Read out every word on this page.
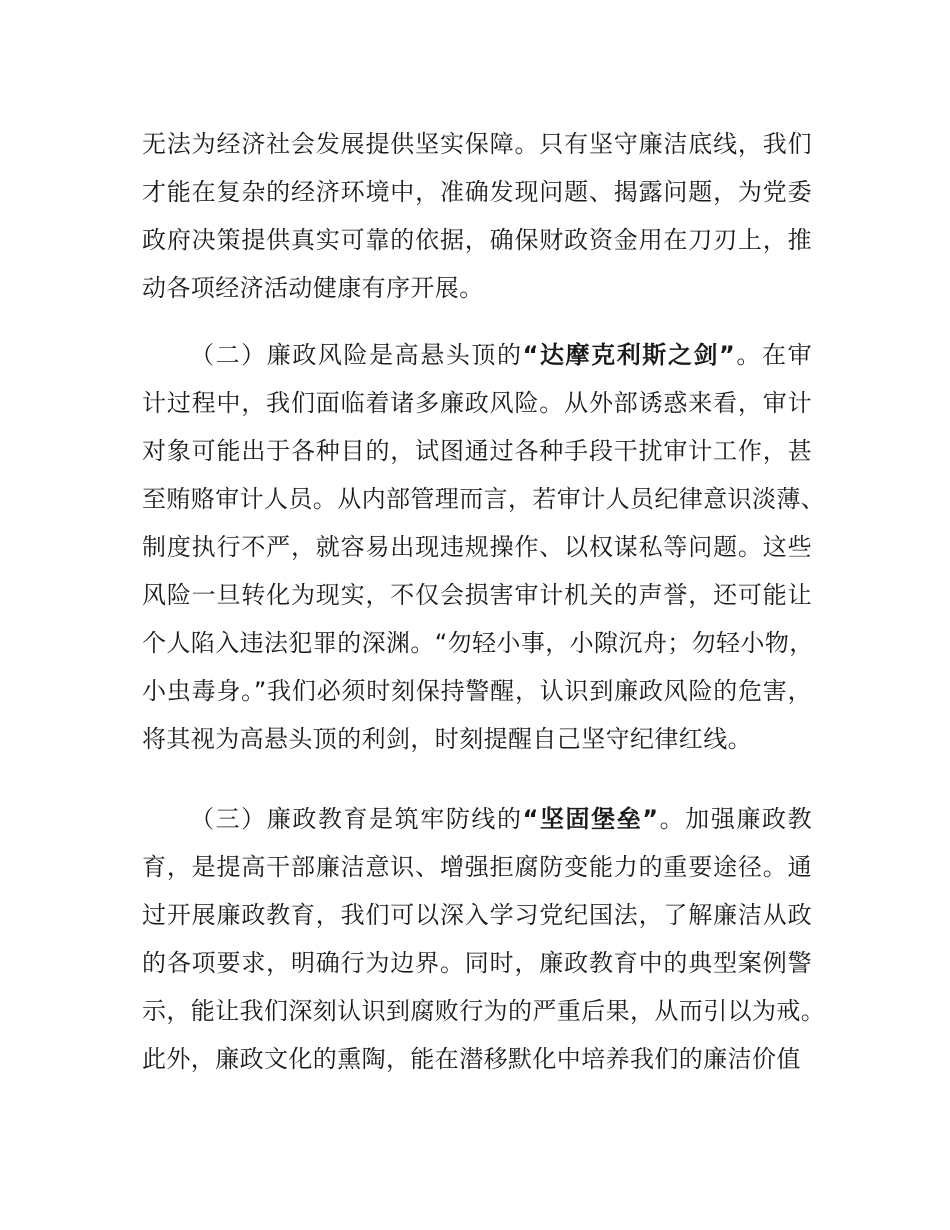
无法为经济社会发展提供坚实保障。只有坚守廉洁底线，我们
才能在复杂的经济环境中，准确发现问题、揭露问题，为党委
政府决策提供真实可靠的依据，确保财政资金用在刀刃上，推
动各项经济活动健康有序开展。
（二）廉政风险是高悬头顶的“达摩克利斯之剑”。在审
计过程中，我们面临着诸多廉政风险。从外部诱惑来看，审计
对象可能出于各种目的，试图通过各种手段干扰审计工作，甚
至贿赂审计人员。从内部管理而言，若审计人员纪律意识淡薄、
制度执行不严，就容易出现违规操作、以权谋私等问题。这些
风险一旦转化为现实，不仅会损害审计机关的声誉，还可能让
个人陷入违法犯罪的深渊。“勿轻小事，小隙沉舟；勿轻小物，
小虫毒身。”我们必须时刻保持警醒，认识到廉政风险的危害，
将其视为高悬头顶的利剑，时刻提醒自己坚守纪律红线。
（三）廉政教育是筑牢防线的“坚固堡垒”。加强廉政教
育，是提高干部廉洁意识、增强拒腐防变能力的重要途径。通
过开展廉政教育，我们可以深入学习党纪国法，了解廉洁从政
的各项要求，明确行为边界。同时，廉政教育中的典型案例警
示，能让我们深刻认识到腐败行为的严重后果，从而引以为戒。
此外，廉政文化的熏陶，能在潜移默化中培养我们的廉洁价值
